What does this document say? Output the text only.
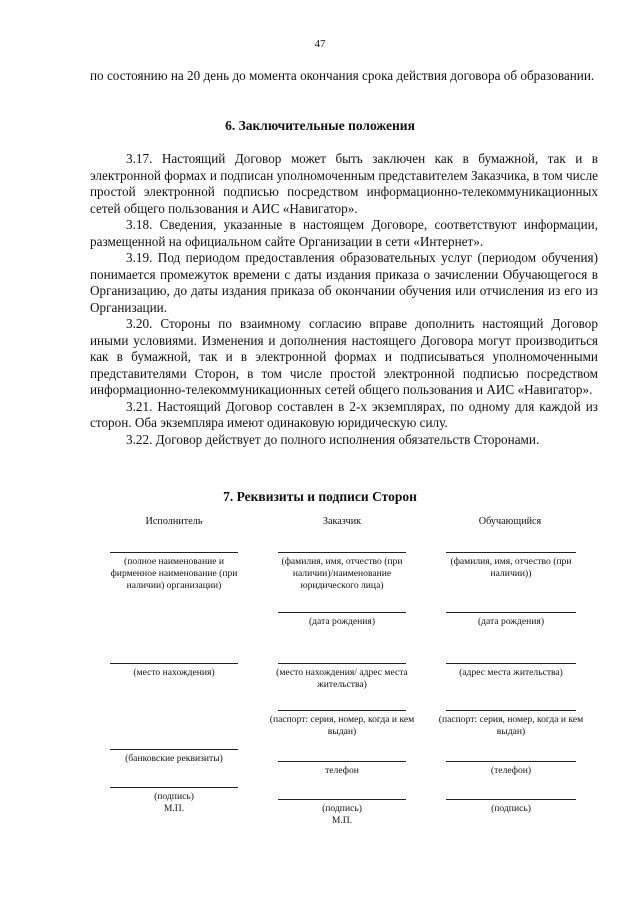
47

по состоянию на 20 день до момента окончания срока действия договора об образовании.

6. Заключительные положения

3.17. Настоящий Договор может быть заключен как в бумажной, так и в электронной формах и подписан уполномоченным представителем Заказчика, в том числе простой электронной подписью посредством информационно-телекоммуникационных сетей общего пользования и АИС «Навигатор».

3.18. Сведения, указанные в настоящем Договоре, соответствуют информации, размещенной на официальном сайте Организации в сети «Интернет».

3.19. Под периодом предоставления образовательных услуг (периодом обучения) понимается промежуток времени с даты издания приказа о зачислении Обучающегося в Организацию, до даты издания приказа об окончании обучения или отчисления из его из Организации.

3.20. Стороны по взаимному согласию вправе дополнить настоящий Договор иными условиями. Изменения и дополнения настоящего Договора могут производиться как в бумажной, так и в электронной формах и подписываться уполномоченными представителями Сторон, в том числе простой электронной подписью посредством информационно-телекоммуникационных сетей общего пользования и АИС «Навигатор».

3.21. Настоящий Договор составлен в 2-х экземплярах, по одному для каждой из сторон. Оба экземпляра имеют одинаковую юридическую силу.

3.22. Договор действует до полного исполнения обязательств Сторонами.

7. Реквизиты и подписи Сторон
Исполнитель
(полное наименование и фирменное наименование (при наличии) организации)
(место нахождения)
(банковские реквизиты)
(подпись)
М.П.
Заказчик
(фамилия, имя, отчество (при наличии)/наименование юридического лица)
(дата рождения)
(место нахождения/ адрес места жительства)
(паспорт: серия, номер, когда и кем выдан)
телефон
(подпись)
М.П.
Обучающийся
(фамилия, имя, отчество (при наличии))
(дата рождения)
(адрес места жительства)
(паспорт: серия, номер, когда и кем выдан)
(телефон)
(подпись)
